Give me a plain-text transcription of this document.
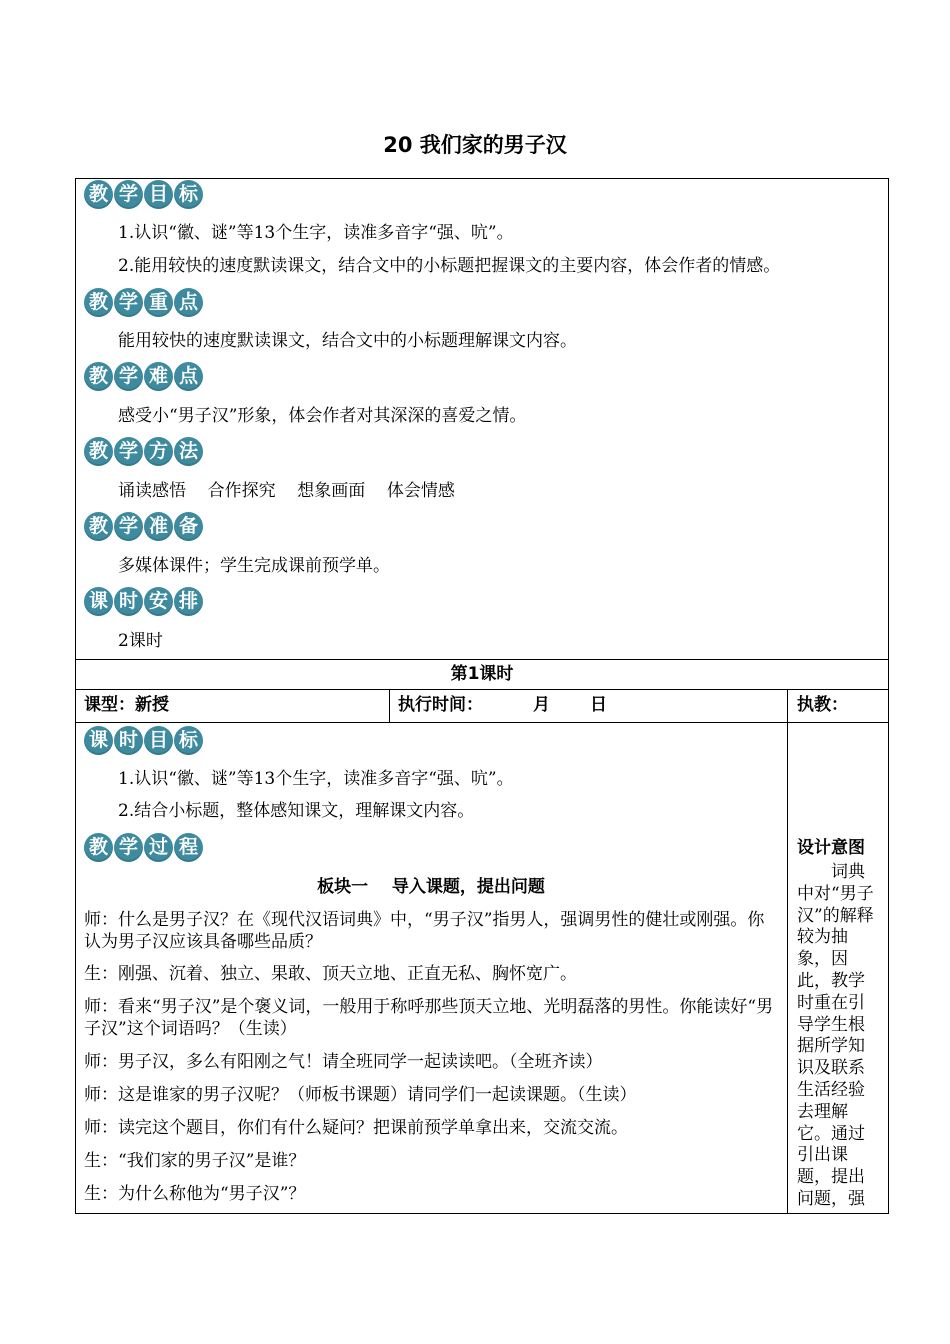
20 我们家的男子汉
教 学 目 标
1.认识“徽、谜”等13个生字，读准多音字“强、吭”。
2.能用较快的速度默读课文，结合文中的小标题把握课文的主要内容，体会作者的情感。
教 学 重 点
能用较快的速度默读课文，结合文中的小标题理解课文内容。
教 学 难 点
感受小“男子汉”形象，体会作者对其深深的喜爱之情。
教 学 方 法
诵读感悟    合作探究    想象画面    体会情感
教 学 准 备
多媒体课件；学生完成课前预学单。
课 时 安 排
2课时
第1课时
课型：新授	执行时间：	月 日	执教：
课 时 目 标
1.认识“徽、谜”等13个生字，读准多音字“强、吭”。
2.结合小标题，整体感知课文，理解课文内容。
教 学 过 程
板块一    导入课题，提出问题
师：什么是男子汉？在《现代汉语词典》中，“男子汉”指男人，强调男性的健壮或刚强。你认为男子汉应该具备哪些品质？
生：刚强、沉着、独立、果敢、顶天立地、正直无私、胸怀宽广。
师：看来“男子汉”是个褒义词，一般用于称呼那些顶天立地、光明磊落的男性。你能读好“男子汉”这个词语吗？（生读）
师：男子汉，多么有阳刚之气！请全班同学一起读读吧。（全班齐读）
师：这是谁家的男子汉呢？（师板书课题）请同学们一起读课题。（生读）
师：读完这个题目，你们有什么疑问？把课前预学单拿出来，交流交流。
生：“我们家的男子汉”是谁？
生：为什么称他为“男子汉”？
设计意图
词典中对“男子汉”的解释较为抽象，因此，教学时重在引导学生根据所学知识及联系生活经验去理解它。通过引出课题，提出问题，强
